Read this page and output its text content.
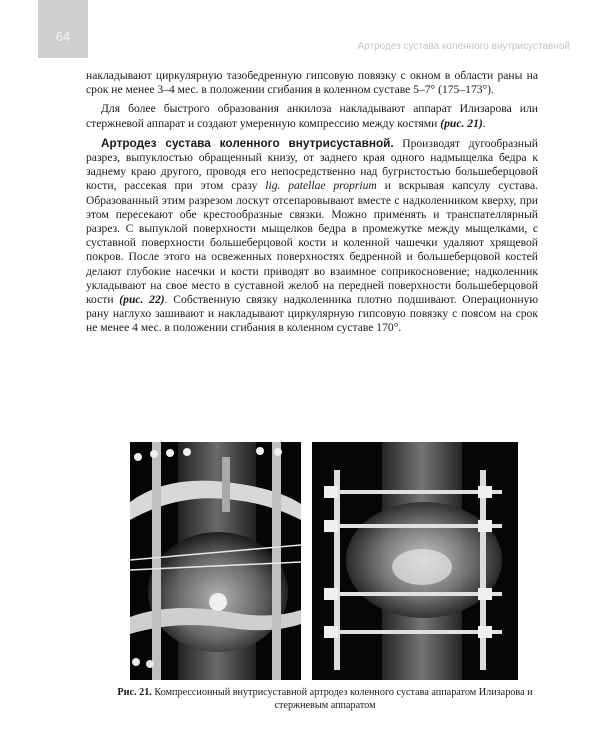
64
Артродез сустава коленного внутрисуставной

накладывают циркулярную тазобедренную гипсовую повязку с окном в области раны на срок не менее 3–4 мес. в положении сгибания в коленном суставе 5–7° (175–173°).

Для более быстрого образования анкилоза накладывают аппарат Илизарова или стержневой аппарат и создают умеренную компрессию между костями (рис. 21).

Артродез сустава коленного внутрисуставной. Производят дугообразный разрез, выпуклостью обращенный книзу, от заднего края одного надмыщелка бедра к заднему краю другого, проводя его непосредственно над бугристостью большеберцовой кости, рассекая при этом сразу lig. patellae proprium и вскрывая капсулу сустава. Образованный этим разрезом лоскут отсепаровывают вместе с надколенником кверху, при этом пересекают обе крестообразные связки. Можно применять и транспателлярный разрез. С выпуклой поверхности мыщелков бедра в промежутке между мыщелками, с суставной поверхности большеберцовой кости и коленной чашечки удаляют хрящевой покров. После этого на освеженных поверхностях бедренной и большеберцовой костей делают глубокие насечки и кости приводят во взаимное соприкосновение; надколенник укладывают на свое место в суставной желоб на передней поверхности большеберцовой кости (рис. 22). Собственную связку надколенника плотно подшивают. Операционную рану наглухо зашивают и накладывают циркулярную гипсовую повязку с поясом на срок не менее 4 мес. в положении сгибания в коленном суставе 170°.

Рис. 21. Компрессионный внутрисуставной артродез коленного сустава аппаратом Илизарова и стержневым аппаратом
